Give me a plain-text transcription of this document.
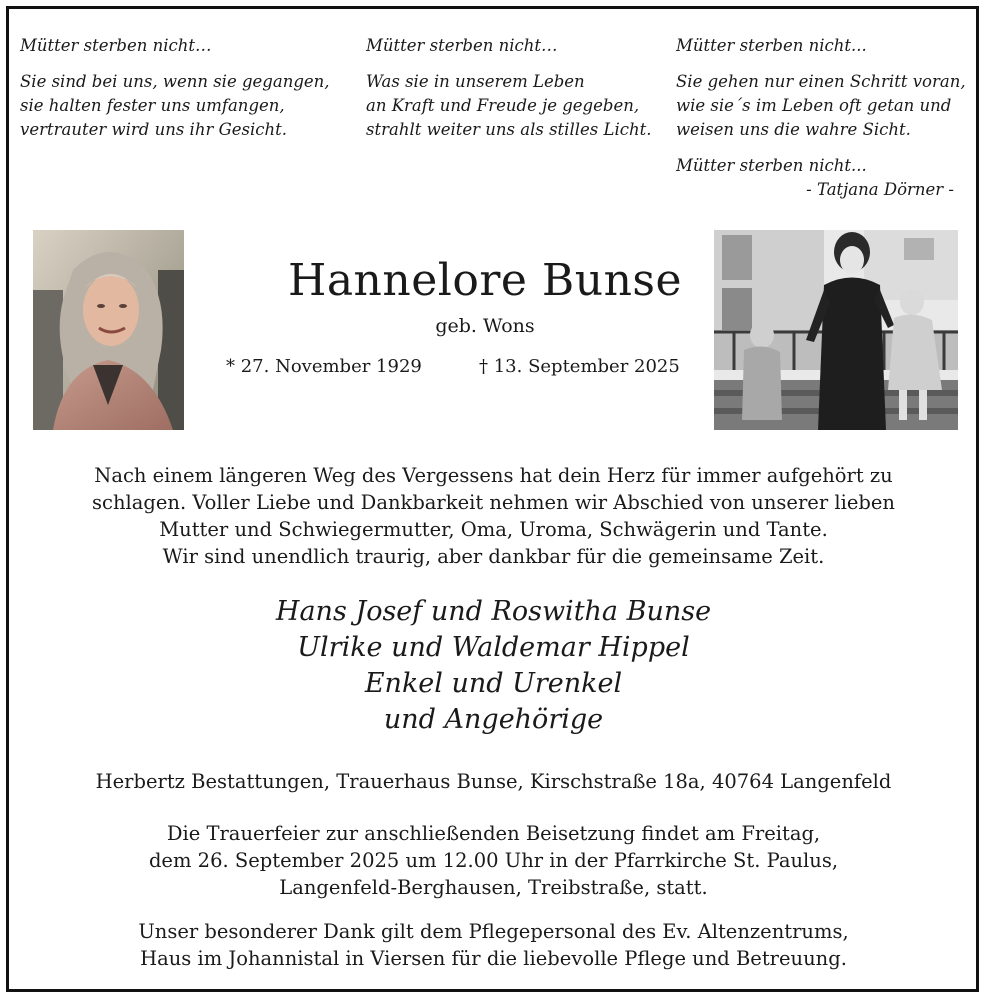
Mütter sterben nicht…
Sie sind bei uns, wenn sie gegangen,
sie halten fester uns umfangen,
vertrauter wird uns ihr Gesicht.
Mütter sterben nicht…
Was sie in unserem Leben
an Kraft und Freude je gegeben,
strahlt weiter uns als stilles Licht.
Mütter sterben nicht...
Sie gehen nur einen Schritt voran,
wie sie´s im Leben oft getan und
weisen uns die wahre Sicht.
Mütter sterben nicht...
- Tatjana Dörner -
Hannelore Bunse
geb. Wons
* 27. November 1929	† 13. September 2025
Nach einem längeren Weg des Vergessens hat dein Herz für immer aufgehört zu
schlagen. Voller Liebe und Dankbarkeit nehmen wir Abschied von unserer lieben
Mutter und Schwiegermutter, Oma, Uroma, Schwägerin und Tante.
Wir sind unendlich traurig, aber dankbar für die gemeinsame Zeit.
Hans Josef und Roswitha Bunse
Ulrike und Waldemar Hippel
Enkel und Urenkel
und Angehörige
Herbertz Bestattungen, Trauerhaus Bunse, Kirschstraße 18a, 40764 Langenfeld
Die Trauerfeier zur anschließenden Beisetzung findet am Freitag,
dem 26. September 2025 um 12.00 Uhr in der Pfarrkirche St. Paulus,
Langenfeld-Berghausen, Treibstraße, statt.
Unser besonderer Dank gilt dem Pflegepersonal des Ev. Altenzentrums,
Haus im Johannistal in Viersen für die liebevolle Pflege und Betreuung.
